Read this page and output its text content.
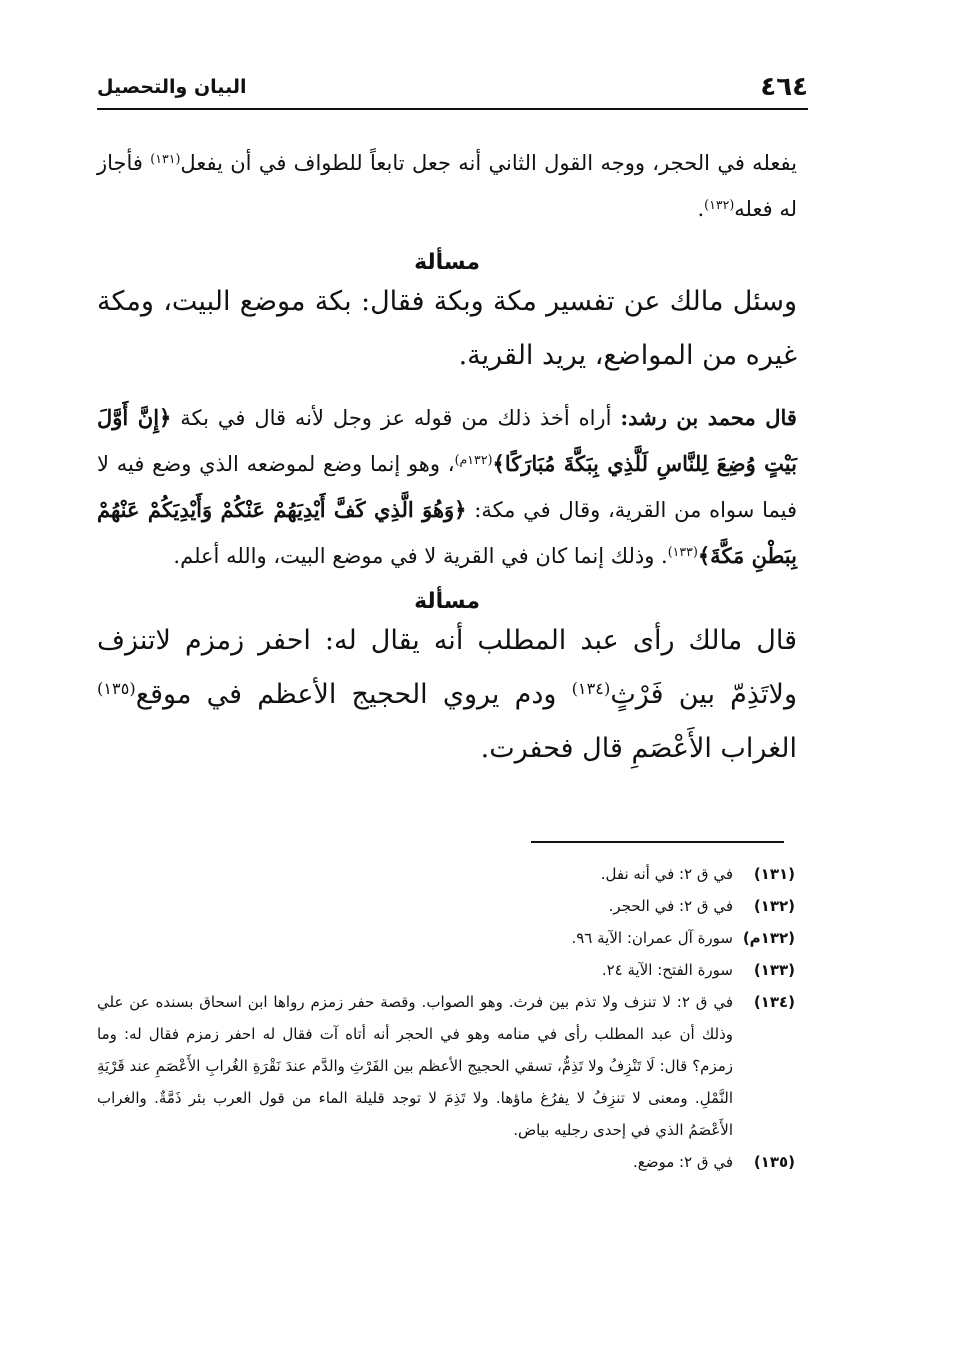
٤٦٤
البيان والتحصيل

يفعله في الحجر، ووجه القول الثاني أنه جعل تابعاً للطواف في أن يفعل$^{(١٣١)}$ فأجاز له فعله$^{(١٣٢)}$.

مسألة

وسئل مالك عن تفسير مكة وبكة فقال: بكة موضع البيت، ومكة غيره من المواضع، يريد القرية.

قال محمد بن رشد: أراه أخذ ذلك من قوله عز وجل لأنه قال في بكة ﴿إِنَّ أَوَّلَ بَيْتٍ وُضِعَ لِلنَّاسِ لَلَّذِي بِبَكَّةَ مُبَارَكًا﴾$^{(١٣٢م)}$، وهو إنما وضع لموضعه الذي وضع فيه لا فيما سواه من القرية، وقال في مكة: ﴿وَهُوَ الَّذِي كَفَّ أَيْدِيَهُمْ عَنْكُمْ وَأَيْدِيَكُمْ عَنْهُمْ بِبَطْنِ مَكَّةَ﴾$^{(١٣٣)}$. وذلك إنما كان في القرية لا في موضع البيت، والله أعلم.

مسألة

قال مالك رأى عبد المطلب أنه يقال له: احفر زمزم لاتنزف ولاتَذِمّ بين فَرْثٍ$^{(١٣٤)}$ ودم يروي الحجيج الأعظم في موقع$^{(١٣٥)}$ الغراب الأَعْصَمِ قال فحفرت.

(١٣١)
في ق ٢: في أنه نفل.
(١٣٢)
في ق ٢: في الحجر.
(١٣٢م)
سورة آل عمران: الآية ٩٦.
(١٣٣)
سورة الفتح: الآية ٢٤.
(١٣٤)
في ق ٢: لا تنزف ولا تذم بين فرث. وهو الصواب. وقصة حفر زمزم رواها ابن اسحاق بسنده عن علي وذلك أن عبد المطلب رأى في منامه وهو في الحجر أنه أتاه آت فقال له احفر زمزم فقال له: وما زمزم؟ قال: لَا تَنْزِفُ ولا تَذِمُّ، تسقي الحجيج الأعظم بين الفَرْثِ والدَّم عندَ نَقْرَةِ الغُرابِ الأَعْصَمِ عند قَرْيَةِ النَّمْلِ. ومعنى لا تنزِفُ لا يفرُغ ماؤها. ولا تَذِمَ لا توجد قليلة الماء من قول العرب بئر ذَمَّةٌ. والغراب الأَعْصَمُ الذي في إحدى رجليه بياض.
(١٣٥)
في ق ٢: موضع.
